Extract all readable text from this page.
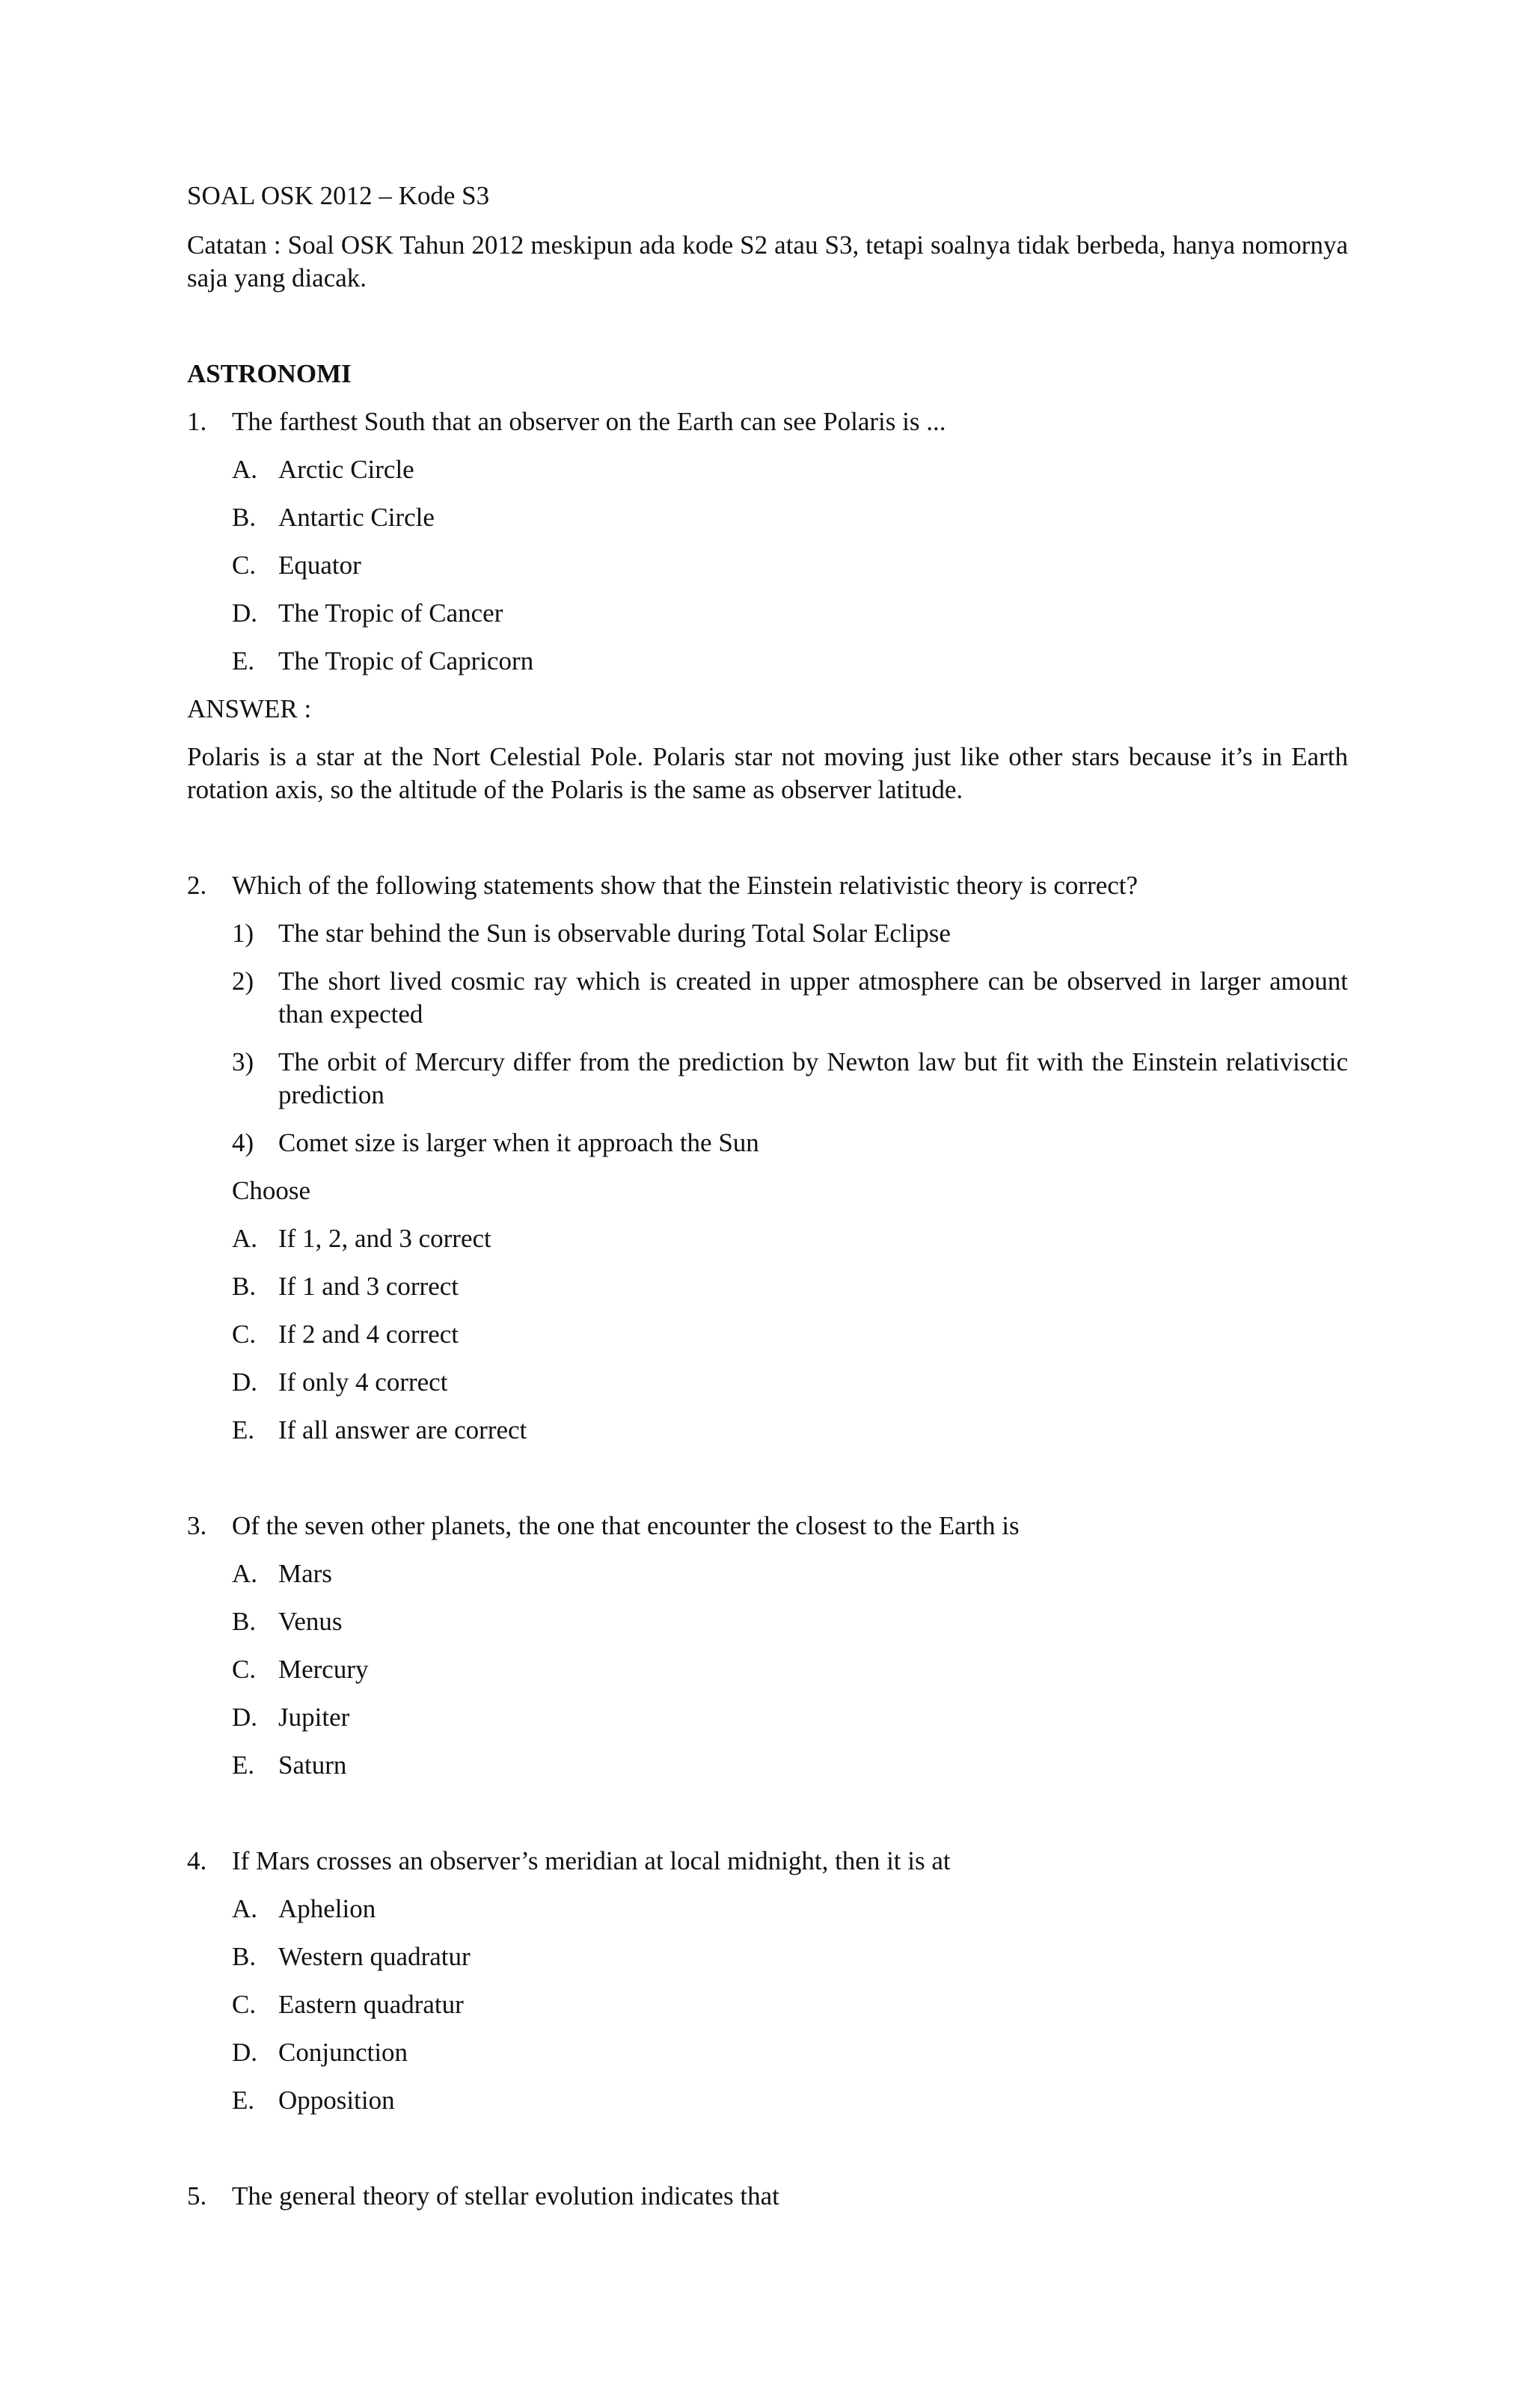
SOAL OSK 2012 – Kode S3

Catatan : Soal OSK Tahun 2012 meskipun ada kode S2 atau S3, tetapi soalnya tidak berbeda, hanya nomornya saja yang diacak.

ASTRONOMI

1. The farthest South that an observer on the Earth can see Polaris is ...

A. Arctic Circle

B. Antartic Circle

C. Equator

D. The Tropic of Cancer

E. The Tropic of Capricorn

ANSWER :

Polaris is a star at the Nort Celestial Pole. Polaris star not moving just like other stars because it’s in Earth rotation axis, so the altitude of the Polaris is the same as observer latitude.

2. Which of the following statements show that the Einstein relativistic theory is correct?

1) The star behind the Sun is observable during Total Solar Eclipse

2) The short lived cosmic ray which is created in upper atmosphere can be observed in larger amount than expected

3) The orbit of Mercury differ from the prediction by Newton law but fit with the Einstein relativisctic prediction

4) Comet size is larger when it approach the Sun

Choose

A. If 1, 2, and 3 correct

B. If 1 and 3 correct

C. If 2 and 4 correct

D. If only 4 correct

E. If all answer are correct

3. Of the seven other planets, the one that encounter the closest to the Earth is

A. Mars

B. Venus

C. Mercury

D. Jupiter

E. Saturn

4. If Mars crosses an observer’s meridian at local midnight, then it is at

A. Aphelion

B. Western quadratur

C. Eastern quadratur

D. Conjunction

E. Opposition

5. The general theory of stellar evolution indicates that
